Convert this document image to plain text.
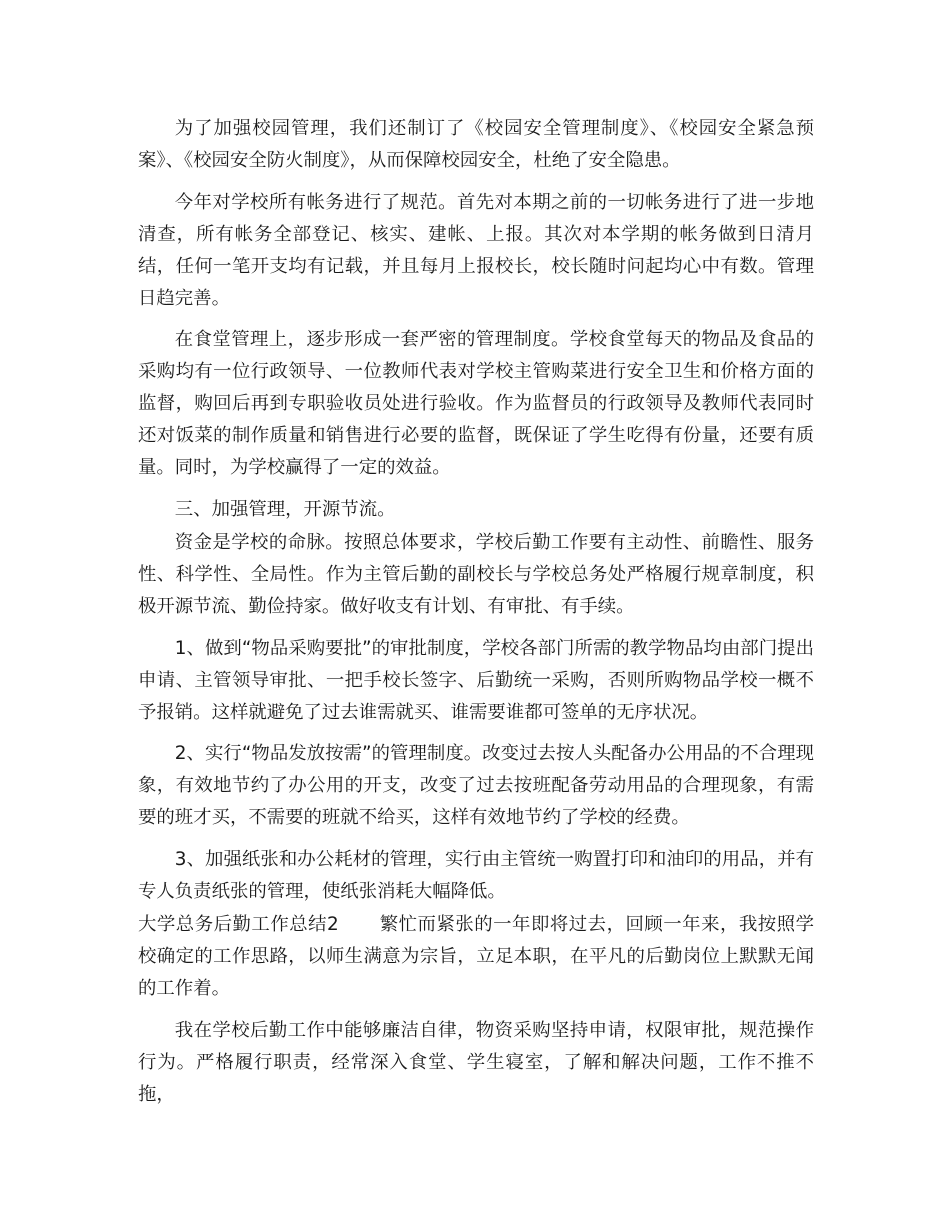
为了加强校园管理，我们还制订了《校园安全管理制度》、《校园安全紧急预案》、《校园安全防火制度》，从而保障校园安全，杜绝了安全隐患。

今年对学校所有帐务进行了规范。首先对本期之前的一切帐务进行了进一步地清查，所有帐务全部登记、核实、建帐、上报。其次对本学期的帐务做到日清月结，任何一笔开支均有记载，并且每月上报校长，校长随时问起均心中有数。管理日趋完善。

在食堂管理上，逐步形成一套严密的管理制度。学校食堂每天的物品及食品的采购均有一位行政领导、一位教师代表对学校主管购菜进行安全卫生和价格方面的监督，购回后再到专职验收员处进行验收。作为监督员的行政领导及教师代表同时还对饭菜的制作质量和销售进行必要的监督，既保证了学生吃得有份量，还要有质量。同时，为学校赢得了一定的效益。

三、加强管理，开源节流。

资金是学校的命脉。按照总体要求，学校后勤工作要有主动性、前瞻性、服务性、科学性、全局性。作为主管后勤的副校长与学校总务处严格履行规章制度，积极开源节流、勤俭持家。做好收支有计划、有审批、有手续。

1、做到“物品采购要批”的审批制度，学校各部门所需的教学物品均由部门提出申请、主管领导审批、一把手校长签字、后勤统一采购，否则所购物品学校一概不予报销。这样就避免了过去谁需就买、谁需要谁都可签单的无序状况。

2、实行“物品发放按需”的管理制度。改变过去按人头配备办公用品的不合理现象，有效地节约了办公用的开支，改变了过去按班配备劳动用品的合理现象，有需要的班才买，不需要的班就不给买，这样有效地节约了学校的经费。

3、加强纸张和办公耗材的管理，实行由主管统一购置打印和油印的用品，并有专人负责纸张的管理，使纸张消耗大幅降低。

大学总务后勤工作总结2 繁忙而紧张的一年即将过去，回顾一年来，我按照学校确定的工作思路，以师生满意为宗旨，立足本职，在平凡的后勤岗位上默默无闻的工作着。

我在学校后勤工作中能够廉洁自律，物资采购坚持申请，权限审批，规范操作行为。严格履行职责，经常深入食堂、学生寝室，了解和解决问题，工作不推不拖，
